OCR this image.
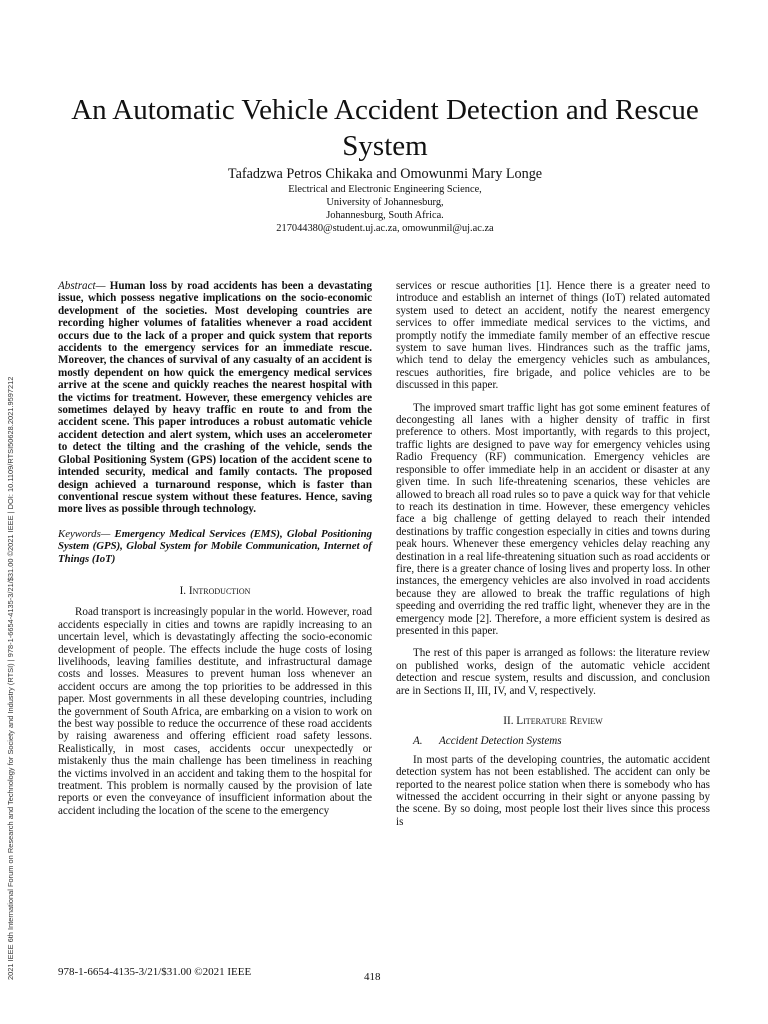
2021 IEEE 6th International Forum on Research and Technology for Society and Industry (RTSI) | 978-1-6654-4135-3/21/$31.00 ©2021 IEEE | DOI: 10.1109/RTSI50628.2021.9597212
An Automatic Vehicle Accident Detection and Rescue System
Tafadzwa Petros Chikaka and Omowunmi Mary Longe
Electrical and Electronic Engineering Science,
University of Johannesburg,
Johannesburg, South Africa.
217044380@student.uj.ac.za, omowunmil@uj.ac.za

Abstract— Human loss by road accidents has been a devastating issue, which possess negative implications on the socio-economic development of the societies. Most developing countries are recording higher volumes of fatalities whenever a road accident occurs due to the lack of a proper and quick system that reports accidents to the emergency services for an immediate rescue. Moreover, the chances of survival of any casualty of an accident is mostly dependent on how quick the emergency medical services arrive at the scene and quickly reaches the nearest hospital with the victims for treatment. However, these emergency vehicles are sometimes delayed by heavy traffic en route to and from the accident scene. This paper introduces a robust automatic vehicle accident detection and alert system, which uses an accelerometer to detect the tilting and the crashing of the vehicle, sends the Global Positioning System (GPS) location of the accident scene to intended security, medical and family contacts. The proposed design achieved a turnaround response, which is faster than conventional rescue system without these features. Hence, saving more lives as possible through technology.

Keywords— Emergency Medical Services (EMS), Global Positioning System (GPS), Global System for Mobile Communication, Internet of Things (IoT)

I. Introduction

Road transport is increasingly popular in the world. However, road accidents especially in cities and towns are rapidly increasing to an uncertain level, which is devastatingly affecting the socio-economic development of people. The effects include the huge costs of losing livelihoods, leaving families destitute, and infrastructural damage costs and losses. Measures to prevent human loss whenever an accident occurs are among the top priorities to be addressed in this paper. Most governments in all these developing countries, including the government of South Africa, are embarking on a vision to work on the best way possible to reduce the occurrence of these road accidents by raising awareness and offering efficient road safety lessons. Realistically, in most cases, accidents occur unexpectedly or mistakenly thus the main challenge has been timeliness in reaching the victims involved in an accident and taking them to the hospital for treatment. This problem is normally caused by the provision of late reports or even the conveyance of insufficient information about the accident including the location of the scene to the emergency

services or rescue authorities [1]. Hence there is a greater need to introduce and establish an internet of things (IoT) related automated system used to detect an accident, notify the nearest emergency services to offer immediate medical services to the victims, and promptly notify the immediate family member of an effective rescue system to save human lives. Hindrances such as the traffic jams, which tend to delay the emergency vehicles such as ambulances, rescues authorities, fire brigade, and police vehicles are to be discussed in this paper.

The improved smart traffic light has got some eminent features of decongesting all lanes with a higher density of traffic in first preference to others. Most importantly, with regards to this project, traffic lights are designed to pave way for emergency vehicles using Radio Frequency (RF) communication. Emergency vehicles are responsible to offer immediate help in an accident or disaster at any given time. In such life-threatening scenarios, these vehicles are allowed to breach all road rules so to pave a quick way for that vehicle to reach its destination in time. However, these emergency vehicles face a big challenge of getting delayed to reach their intended destinations by traffic congestion especially in cities and towns during peak hours. Whenever these emergency vehicles delay reaching any destination in a real life-threatening situation such as road accidents or fire, there is a greater chance of losing lives and property loss. In other instances, the emergency vehicles are also involved in road accidents because they are allowed to break the traffic regulations of high speeding and overriding the red traffic light, whenever they are in the emergency mode [2]. Therefore, a more efficient system is desired as presented in this paper.

The rest of this paper is arranged as follows: the literature review on published works, design of the automatic vehicle accident detection and rescue system, results and discussion, and conclusion are in Sections II, III, IV, and V, respectively.

II. Literature Review

A. Accident Detection Systems

In most parts of the developing countries, the automatic accident detection system has not been established. The accident can only be reported to the nearest police station when there is somebody who has witnessed the accident occurring in their sight or anyone passing by the scene. By so doing, most people lost their lives since this process is

978-1-6654-4135-3/21/$31.00 ©2021 IEEE	418
